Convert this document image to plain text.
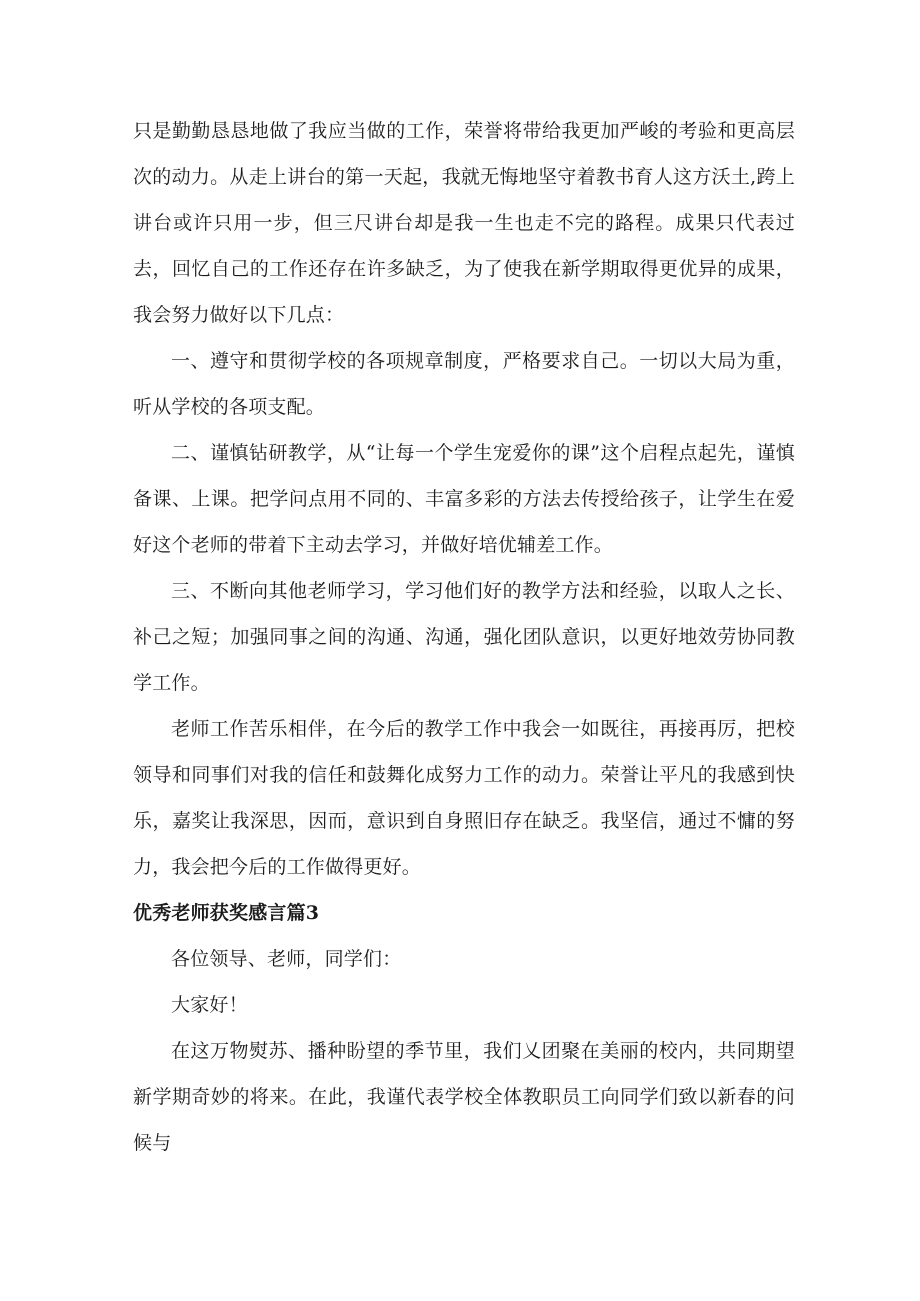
只是勤勤恳恳地做了我应当做的工作，荣誉将带给我更加严峻的考验和更高层次的动力。从走上讲台的第一天起，我就无悔地坚守着教书育人这方沃土,跨上讲台或许只用一步，但三尺讲台却是我一生也走不完的路程。成果只代表过去，回忆自己的工作还存在许多缺乏，为了使我在新学期取得更优异的成果，我会努力做好以下几点：

一、遵守和贯彻学校的各项规章制度，严格要求自己。一切以大局为重，听从学校的各项支配。

二、谨慎钻研教学，从“让每一个学生宠爱你的课”这个启程点起先，谨慎备课、上课。把学问点用不同的、丰富多彩的方法去传授给孩子，让学生在爱好这个老师的带着下主动去学习，并做好培优辅差工作。

三、不断向其他老师学习，学习他们好的教学方法和经验，以取人之长、补己之短；加强同事之间的沟通、沟通，强化团队意识，以更好地效劳协同教学工作。

老师工作苦乐相伴，在今后的教学工作中我会一如既往，再接再厉，把校领导和同事们对我的信任和鼓舞化成努力工作的动力。荣誉让平凡的我感到快乐，嘉奖让我深思，因而，意识到自身照旧存在缺乏。我坚信，通过不慵的努力，我会把今后的工作做得更好。

优秀老师获奖感言篇3

各位领导、老师，同学们：

大家好！

在这万物熨苏、播种盼望的季节里，我们乂团聚在美丽的校内，共同期望新学期奇妙的将来。在此，我谨代表学校全体教职员工向同学们致以新春的问候与
